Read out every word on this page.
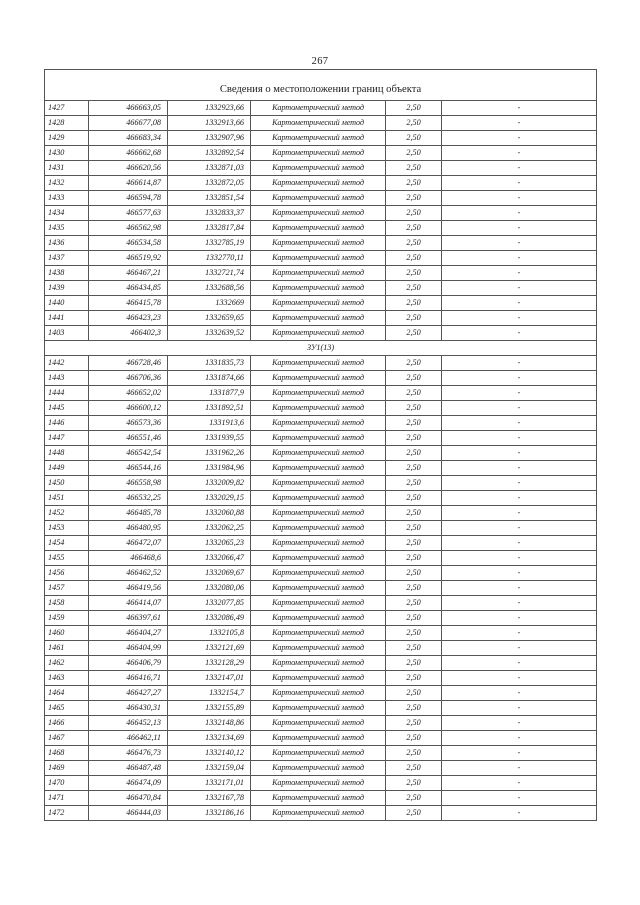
267
Сведения о местоположении границ объекта					
1427	466663,05	1332923,66	Картометрический метод	2,50	-
1428	466677,08	1332913,66	Картометрический метод	2,50	-
1429	466683,34	1332907,96	Картометрический метод	2,50	-
1430	466662,68	1332892,54	Картометрический метод	2,50	-
1431	466620,56	1332871,03	Картометрический метод	2,50	-
1432	466614,87	1332872,05	Картометрический метод	2,50	-
1433	466594,78	1332851,54	Картометрический метод	2,50	-
1434	466577,63	1332833,37	Картометрический метод	2,50	-
1435	466562,98	1332817,84	Картометрический метод	2,50	-
1436	466534,58	1332785,19	Картометрический метод	2,50	-
1437	466519,92	1332770,11	Картометрический метод	2,50	-
1438	466467,21	1332721,74	Картометрический метод	2,50	-
1439	466434,85	1332688,56	Картометрический метод	2,50	-
1440	466415,78	1332669	Картометрический метод	2,50	-
1441	466423,23	1332659,65	Картометрический метод	2,50	-
1403	466402,3	1332639,52	Картометрический метод	2,50	-
ЗУ1(13)					
1442	466728,46	1331835,73	Картометрический метод	2,50	-
1443	466706,36	1331874,66	Картометрический метод	2,50	-
1444	466652,02	1331877,9	Картометрический метод	2,50	-
1445	466600,12	1331892,51	Картометрический метод	2,50	-
1446	466573,36	1331913,6	Картометрический метод	2,50	-
1447	466551,46	1331939,55	Картометрический метод	2,50	-
1448	466542,54	1331962,26	Картометрический метод	2,50	-
1449	466544,16	1331984,96	Картометрический метод	2,50	-
1450	466558,98	1332009,82	Картометрический метод	2,50	-
1451	466532,25	1332029,15	Картометрический метод	2,50	-
1452	466485,78	1332060,88	Картометрический метод	2,50	-
1453	466480,95	1332062,25	Картометрический метод	2,50	-
1454	466472,07	1332065,23	Картометрический метод	2,50	-
1455	466468,6	1332066,47	Картометрический метод	2,50	-
1456	466462,52	1332069,67	Картометрический метод	2,50	-
1457	466419,56	1332080,06	Картометрический метод	2,50	-
1458	466414,07	1332077,85	Картометрический метод	2,50	-
1459	466397,61	1332086,49	Картометрический метод	2,50	-
1460	466404,27	1332105,8	Картометрический метод	2,50	-
1461	466404,99	1332121,69	Картометрический метод	2,50	-
1462	466406,79	1332128,29	Картометрический метод	2,50	-
1463	466416,71	1332147,01	Картометрический метод	2,50	-
1464	466427,27	1332154,7	Картометрический метод	2,50	-
1465	466430,31	1332155,89	Картометрический метод	2,50	-
1466	466452,13	1332148,86	Картометрический метод	2,50	-
1467	466462,11	1332134,69	Картометрический метод	2,50	-
1468	466476,73	1332140,12	Картометрический метод	2,50	-
1469	466487,48	1332159,04	Картометрический метод	2,50	-
1470	466474,09	1332171,01	Картометрический метод	2,50	-
1471	466470,84	1332167,78	Картометрический метод	2,50	-
1472	466444,03	1332186,16	Картометрический метод	2,50	-
